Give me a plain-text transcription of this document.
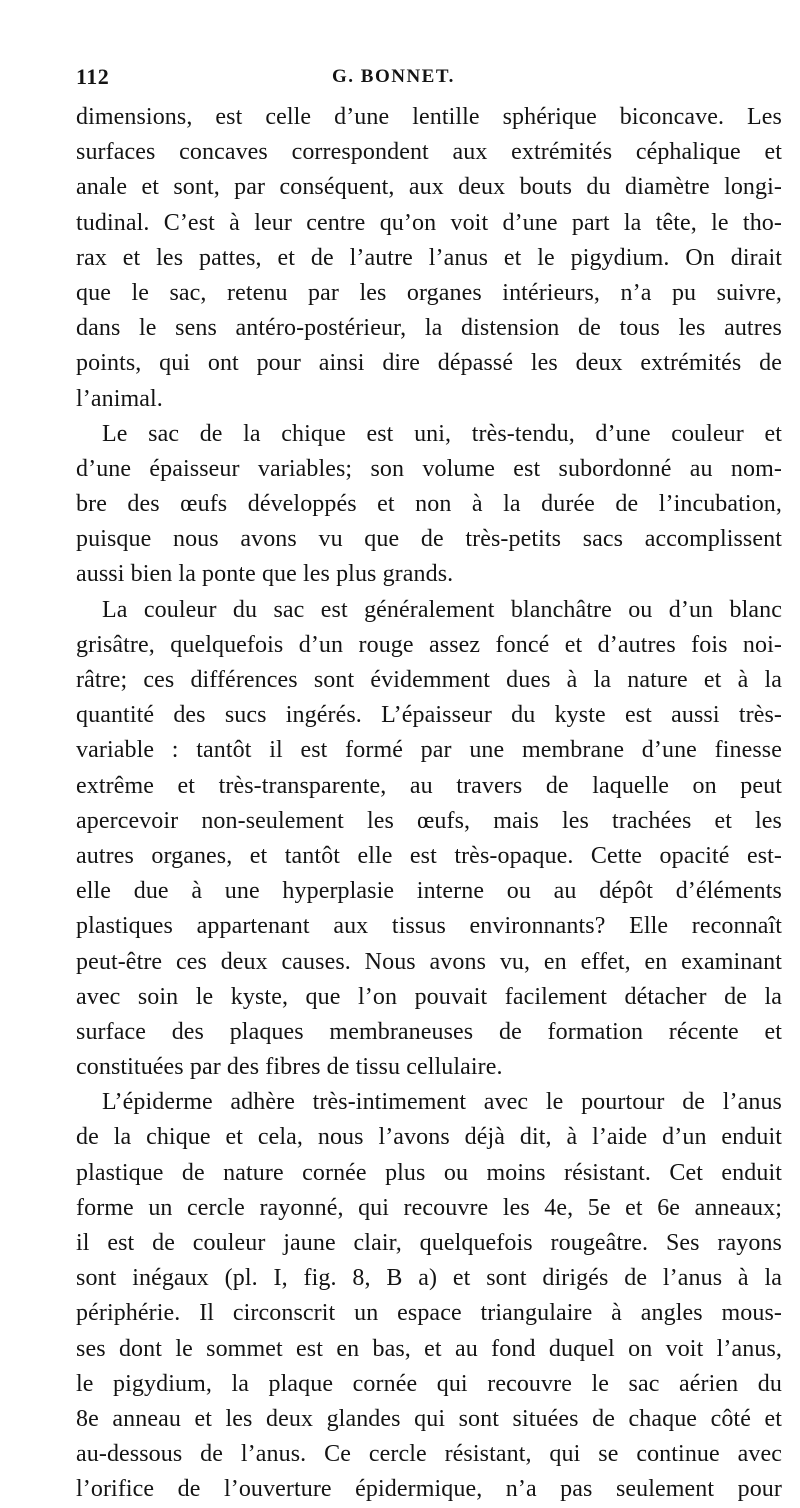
112	G. BONNET.
dimensions, est celle d’une lentille sphérique biconcave. Les
surfaces concaves correspondent aux extrémités céphalique et
anale et sont, par conséquent, aux deux bouts du diamètre longi-
tudinal. C’est à leur centre qu’on voit d’une part la tête, le tho-
rax et les pattes, et de l’autre l’anus et le pigydium. On dirait
que le sac, retenu par les organes intérieurs, n’a pu suivre,
dans le sens antéro-postérieur, la distension de tous les autres
points, qui ont pour ainsi dire dépassé les deux extrémités de
l’animal.
Le sac de la chique est uni, très-tendu, d’une couleur et
d’une épaisseur variables; son volume est subordonné au nom-
bre des œufs développés et non à la durée de l’incubation,
puisque nous avons vu que de très-petits sacs accomplissent
aussi bien la ponte que les plus grands.
La couleur du sac est généralement blanchâtre ou d’un blanc
grisâtre, quelquefois d’un rouge assez foncé et d’autres fois noi-
râtre; ces différences sont évidemment dues à la nature et à la
quantité des sucs ingérés. L’épaisseur du kyste est aussi très-
variable : tantôt il est formé par une membrane d’une finesse
extrême et très-transparente, au travers de laquelle on peut
apercevoir non-seulement les œufs, mais les trachées et les
autres organes, et tantôt elle est très-opaque. Cette opacité est-
elle due à une hyperplasie interne ou au dépôt d’éléments
plastiques appartenant aux tissus environnants? Elle reconnaît
peut-être ces deux causes. Nous avons vu, en effet, en examinant
avec soin le kyste, que l’on pouvait facilement détacher de la
surface des plaques membraneuses de formation récente et
constituées par des fibres de tissu cellulaire.
L’épiderme adhère très-intimement avec le pourtour de l’anus
de la chique et cela, nous l’avons déjà dit, à l’aide d’un enduit
plastique de nature cornée plus ou moins résistant. Cet enduit
forme un cercle rayonné, qui recouvre les 4e, 5e et 6e anneaux;
il est de couleur jaune clair, quelquefois rougeâtre. Ses rayons
sont inégaux (pl. I, fig. 8, B a) et sont dirigés de l’anus à la
périphérie. Il circonscrit un espace triangulaire à angles mous-
ses dont le sommet est en bas, et au fond duquel on voit l’anus,
le pigydium, la plaque cornée qui recouvre le sac aérien du
8e anneau et les deux glandes qui sont situées de chaque côté et
au-dessous de l’anus. Ce cercle résistant, qui se continue avec
l’orifice de l’ouverture épidermique, n’a pas seulement pour
